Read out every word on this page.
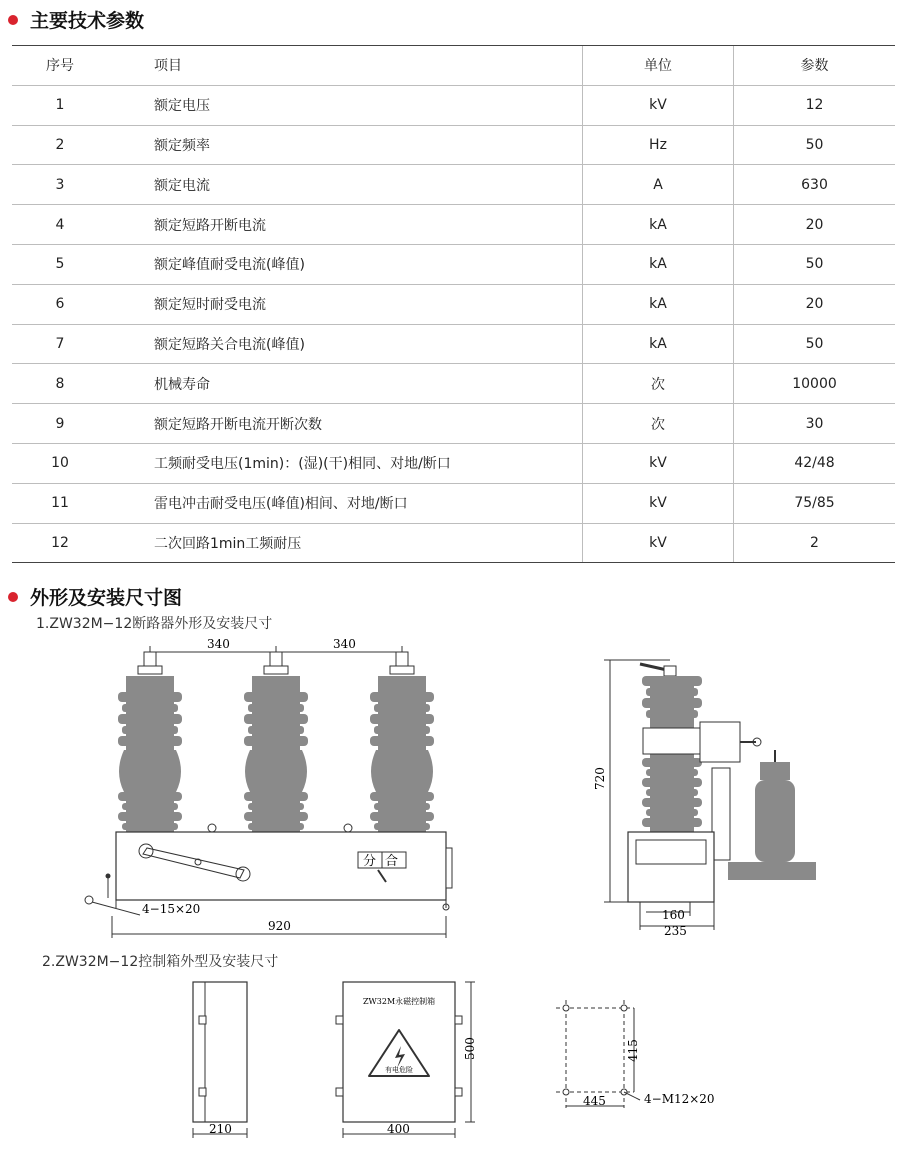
主要技术参数
序号	项目	单位	参数
1	额定电压	kV	12
2	额定频率	Hz	50
3	额定电流	A	630
4	额定短路开断电流	kA	20
5	额定峰值耐受电流(峰值)	kA	50
6	额定短时耐受电流	kA	20
7	额定短路关合电流(峰值)	kA	50
8	机械寿命	次	10000
9	额定短路开断电流开断次数	次	30
10	工频耐受电压(1min)：(湿)(干)相同、对地/断口	kV	42/48
11	雷电冲击耐受电压(峰值)相间、对地/断口	kV	75/85
12	二次回路1min工频耐压	kV	2
外形及安装尺寸图
1.ZW32M−12断路器外形及安装尺寸
340	340
分 合
4−15×20
920
720
160
235
2.ZW32M−12控制箱外型及安装尺寸
210
ZW32M永磁控制箱
有电危险
400
500	415
445	4−M12×20
